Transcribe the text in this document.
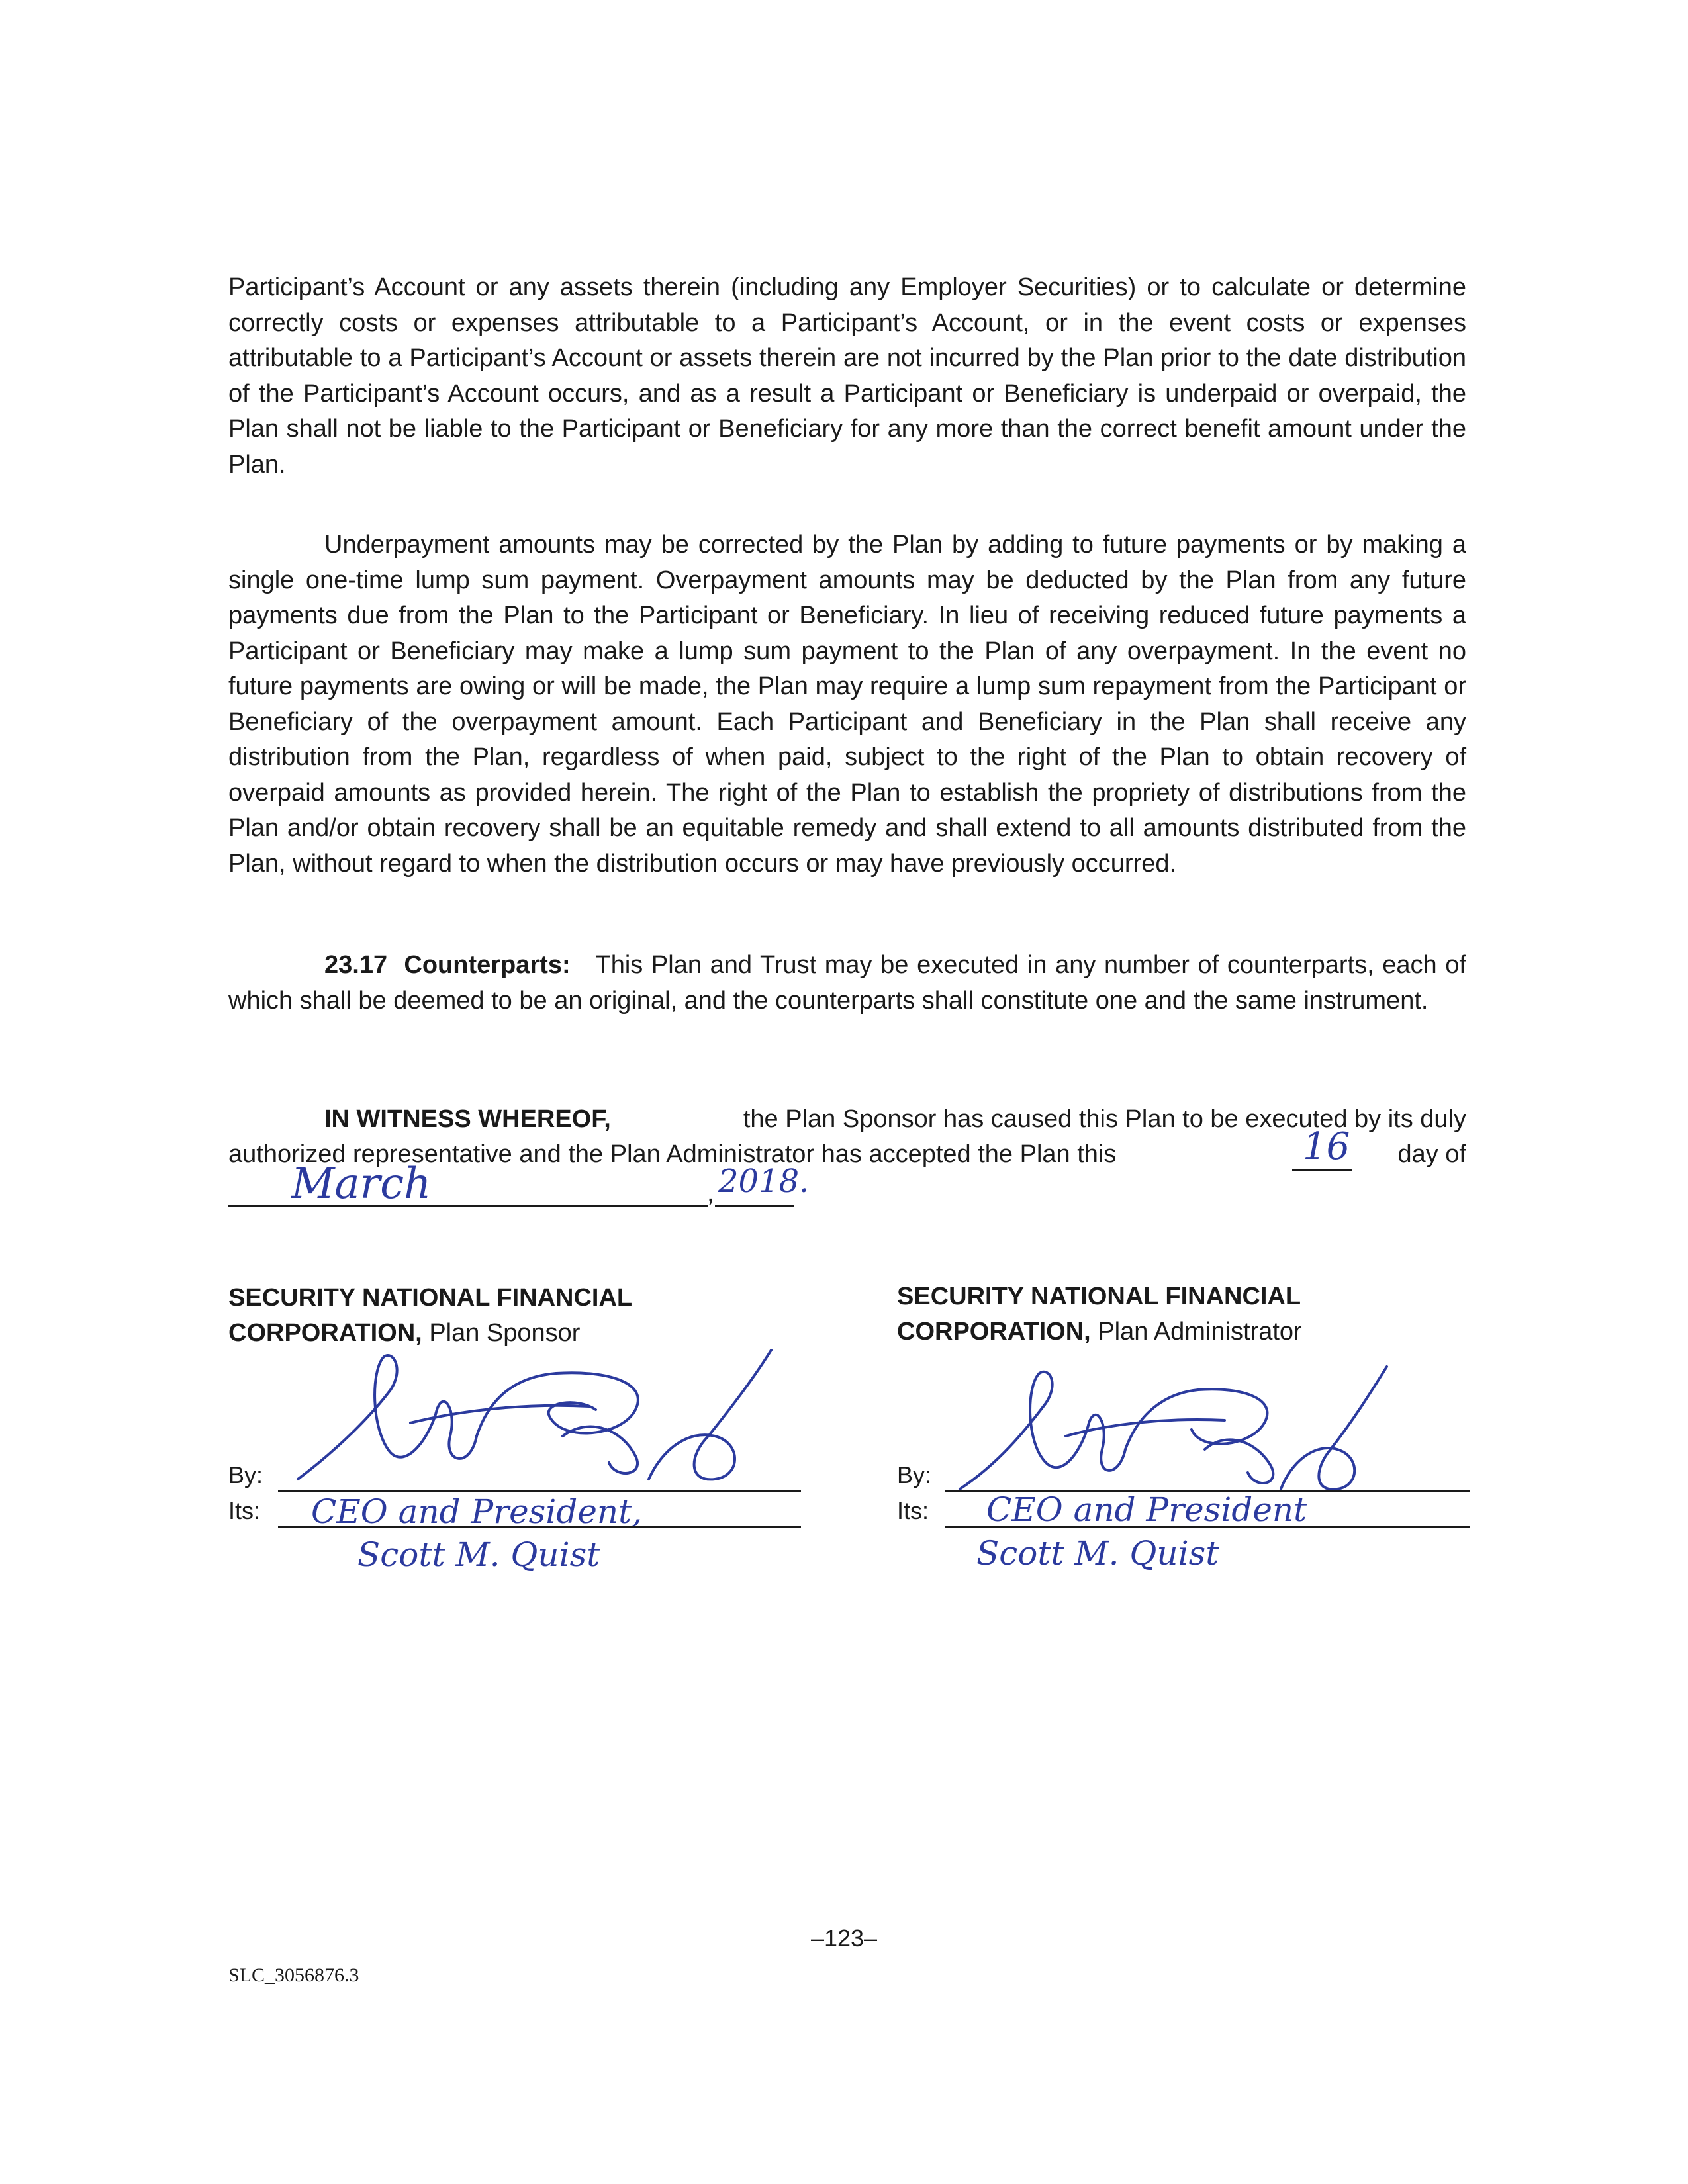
Participant’s Account or any assets therein (including any Employer Securities) or to calculate or determine correctly costs or expenses attributable to a Participant’s Account, or in the event costs or expenses attributable to a Participant’s Account or assets therein are not incurred by the Plan prior to the date distribution of the Participant’s Account occurs, and as a result a Participant or Beneficiary is underpaid or overpaid, the Plan shall not be liable to the Participant or Beneficiary for any more than the correct benefit amount under the Plan.

Underpayment amounts may be corrected by the Plan by adding to future payments or by making a single one-time lump sum payment. Overpayment amounts may be deducted by the Plan from any future payments due from the Plan to the Participant or Beneficiary. In lieu of receiving reduced future payments a Participant or Beneficiary may make a lump sum payment to the Plan of any overpayment. In the event no future payments are owing or will be made, the Plan may require a lump sum repayment from the Participant or Beneficiary of the overpayment amount. Each Participant and Beneficiary in the Plan shall receive any distribution from the Plan, regardless of when paid, subject to the right of the Plan to obtain recovery of overpaid amounts as provided herein. The right of the Plan to establish the propriety of distributions from the Plan and/or obtain recovery shall be an equitable remedy and shall extend to all amounts distributed from the Plan, without regard to when the distribution occurs or may have previously occurred.

23.17 Counterparts: This Plan and Trust may be executed in any number of counterparts, each of which shall be deemed to be an original, and the counterparts shall constitute one and the same instrument.

IN WITNESS WHEREOF,	the Plan Sponsor has caused this Plan to be executed by its duly
authorized representative and the Plan Administrator has accepted the Plan this	day of
16
March	, 2018.
SECURITY NATIONAL FINANCIAL
CORPORATION, Plan Sponsor
By:
Its: CEO and President,
Scott M. Quist
SECURITY NATIONAL FINANCIAL
CORPORATION, Plan Administrator
By:
Its: CEO and President
Scott M. Quist
–123–
SLC_3056876.3
